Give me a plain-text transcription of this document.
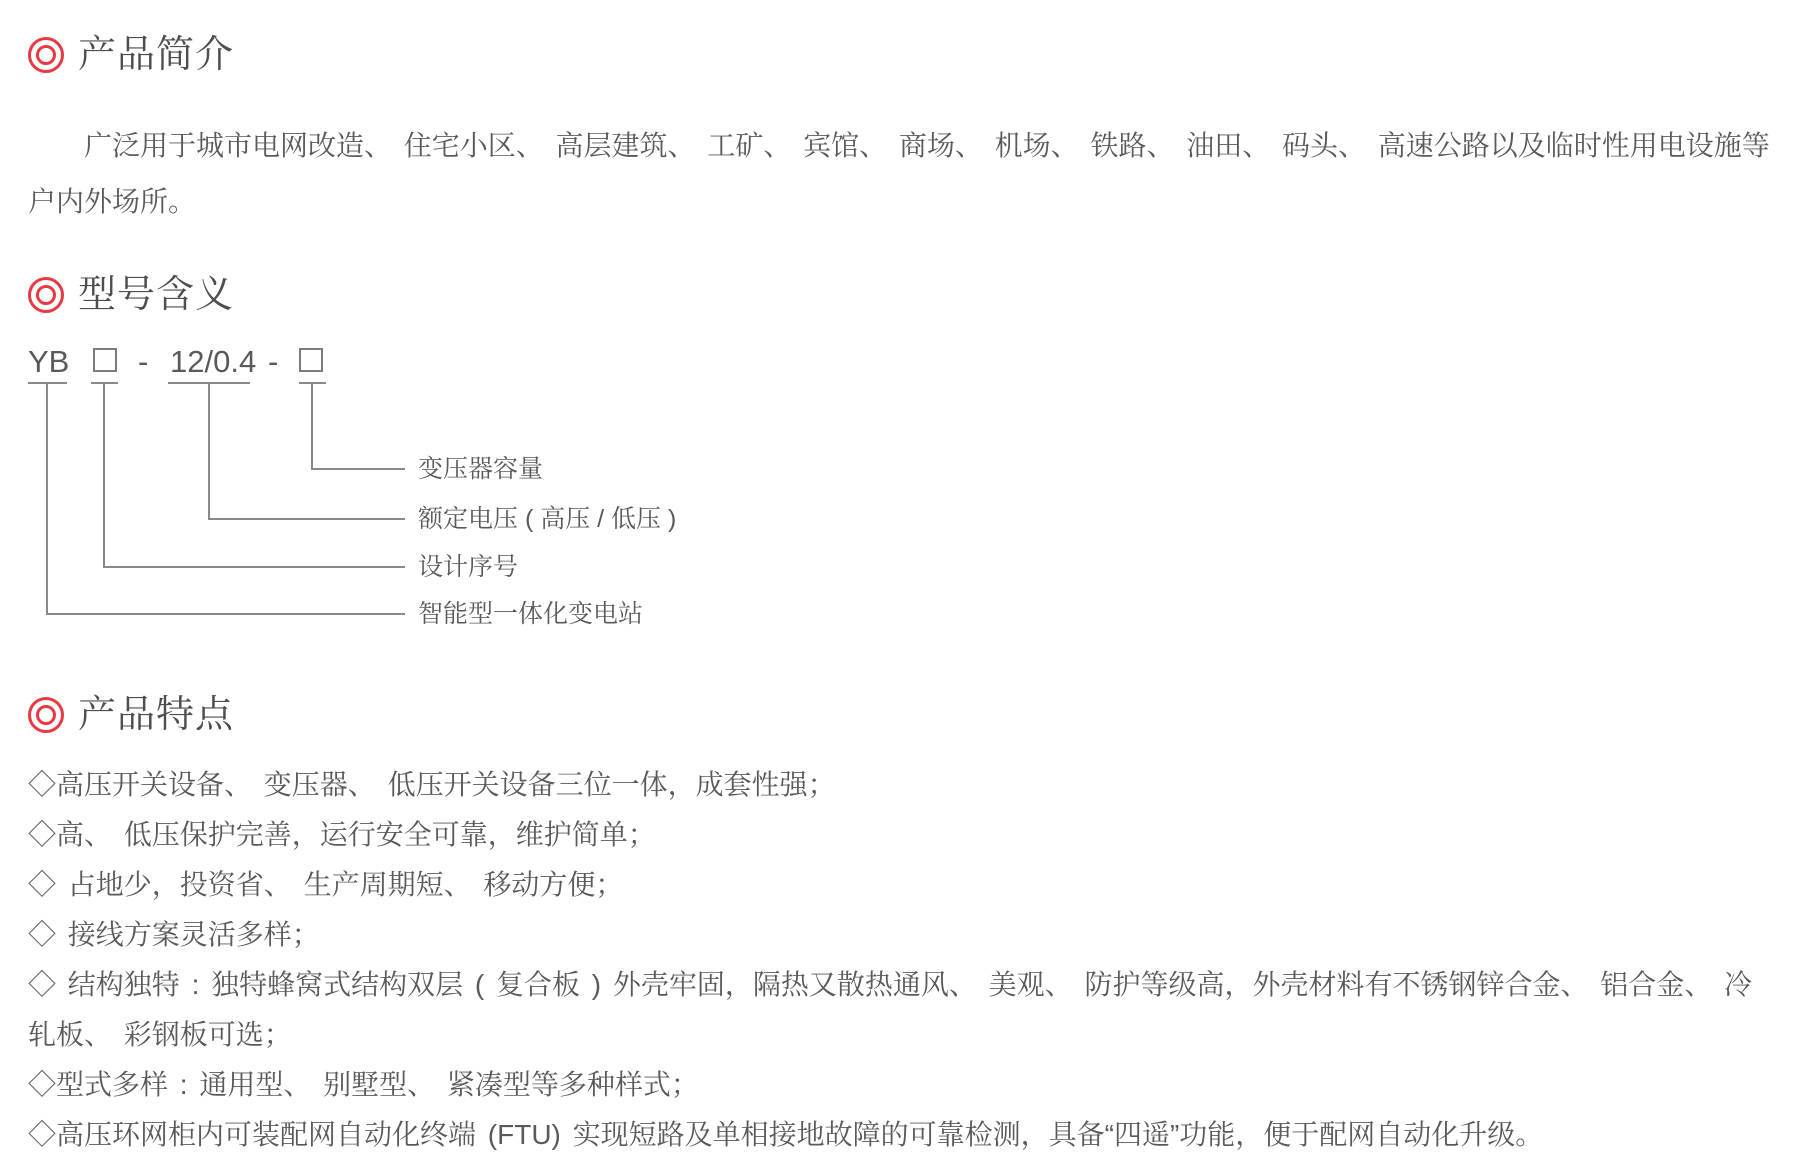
产品简介
广泛用于城市电网改造、 住宅小区、 高层建筑、 工矿、 宾馆、 商场、 机场、 铁路、 油田、 码头、 高速公路以及临时性用电设施等户内外场所。
型号含义
YB - 12/0.4 -
变压器容量
额定电压 ( 高压 / 低压 )
设计序号
智能型一体化变电站
产品特点
◇高压开关设备、 变压器、 低压开关设备三位一体，成套性强；
◇高、 低压保护完善，运行安全可靠，维护简单；
◇ 占地少，投资省、 生产周期短、 移动方便；
◇ 接线方案灵活多样；
◇ 结构独特 : 独特蜂窝式结构双层 ( 复合板 ) 外壳牢固，隔热又散热通风、 美观、 防护等级高，外壳材料有不锈钢锌合金、 铝合金、 冷轧板、 彩钢板可选；
◇型式多样 : 通用型、 别墅型、 紧凑型等多种样式；
◇高压环网柜内可装配网自动化终端 (FTU) 实现短路及单相接地故障的可靠检测，具备“四遥”功能，便于配网自动化升级。
